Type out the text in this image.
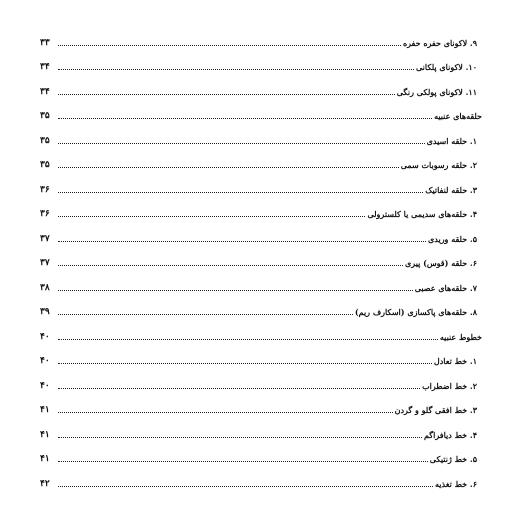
۹. لاکونای حفره حفره
۳۳
۱۰. لاکونای پلکانی
۳۴
۱۱. لاکونای پولکی رنگی
۳۴
حلقه‌های عنبیه
۳۵
۱. حلقه اسیدی
۳۵
۲. حلقه رسوبات سمی
۳۵
۳. حلقه لنفاتیک
۳۶
۴. حلقه‌های سدیمی یا کلسترولی
۳۶
۵. حلقه وریدی
۳۷
۶. حلقه (قوس) پیری
۳۷
۷. حلقه‌های عصبی
۳۸
۸. حلقه‌های پاکسازی (اسکارف ریم)
۳۹
خطوط عنبیه
۴۰
۱. خط تعادل
۴۰
۲. خط اضطراب
۴۰
۳. خط افقی گلو و گردن
۴۱
۴. خط دیافراگم
۴۱
۵. خط ژنتیکی
۴۱
۶. خط تغذیه
۴۲
